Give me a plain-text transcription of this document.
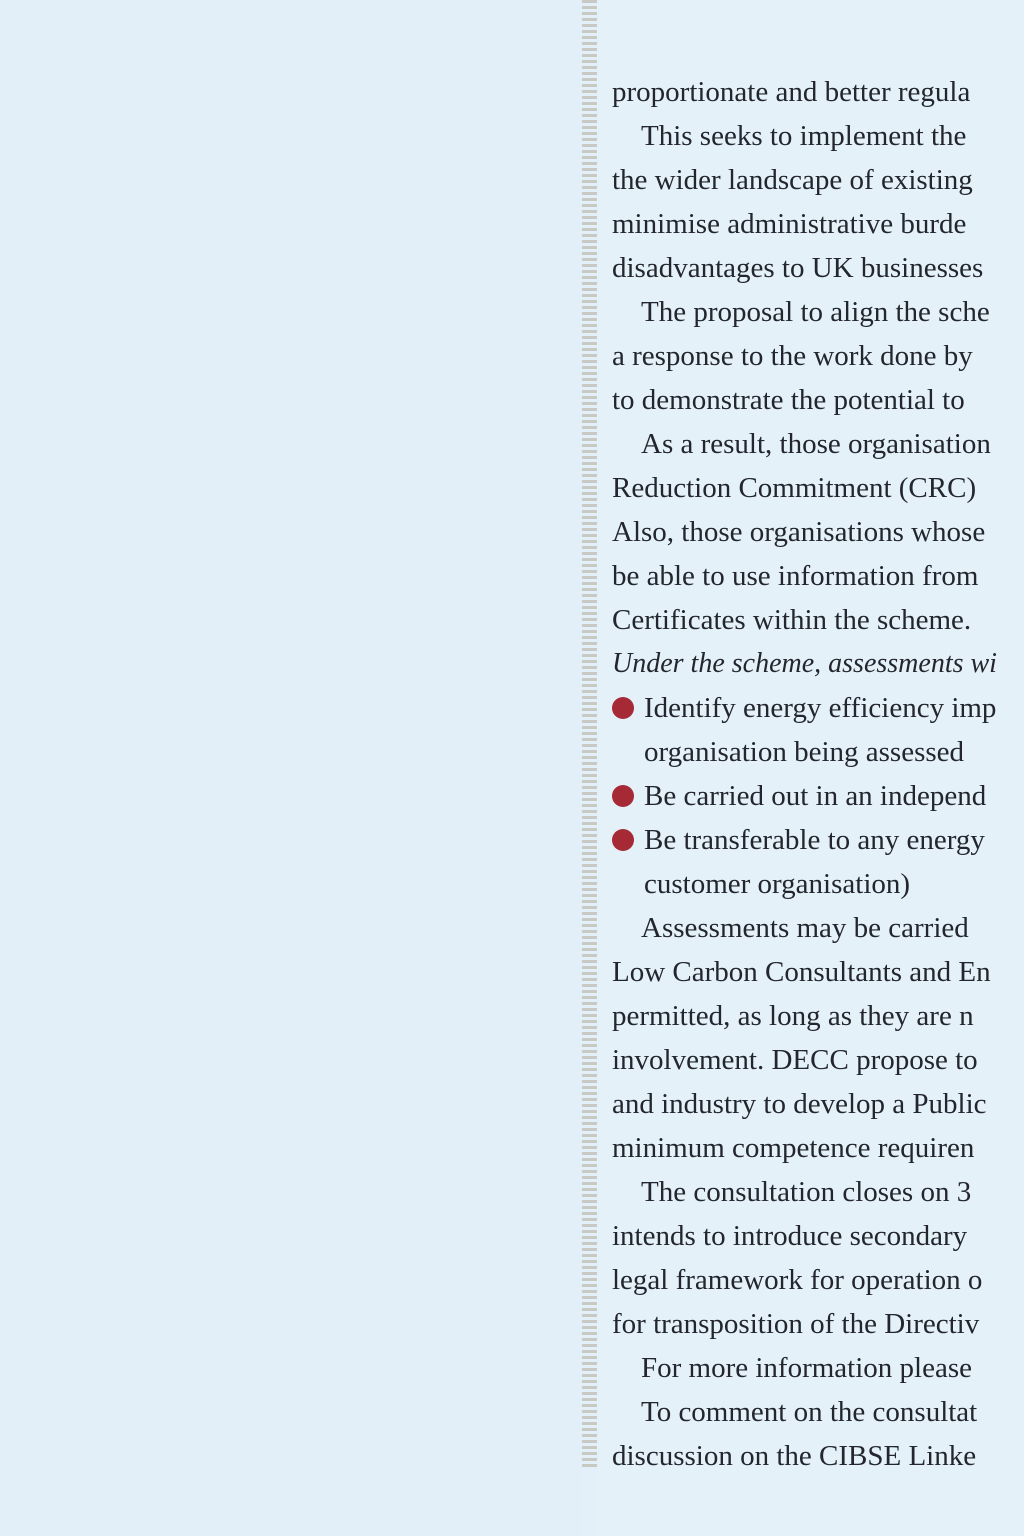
proportionate and better regula
This seeks to implement the
the wider landscape of existing
minimise administrative burde
disadvantages to UK businesses
The proposal to align the sche
a response to the work done by
to demonstrate the potential to
As a result, those organisation
Reduction Commitment (CRC)
Also, those organisations whose
be able to use information from
Certificates within the scheme.
Under the scheme, assessments wi
Identify energy efficiency imp
organisation being assessed
Be carried out in an independ
Be transferable to any energy
customer organisation)
Assessments may be carried
Low Carbon Consultants and En
permitted, as long as they are n
involvement. DECC propose to
and industry to develop a Public
minimum competence requiren
The consultation closes on 3
intends to introduce secondary
legal framework for operation o
for transposition of the Directiv
For more information please
To comment on the consultat
discussion on the CIBSE Linke
